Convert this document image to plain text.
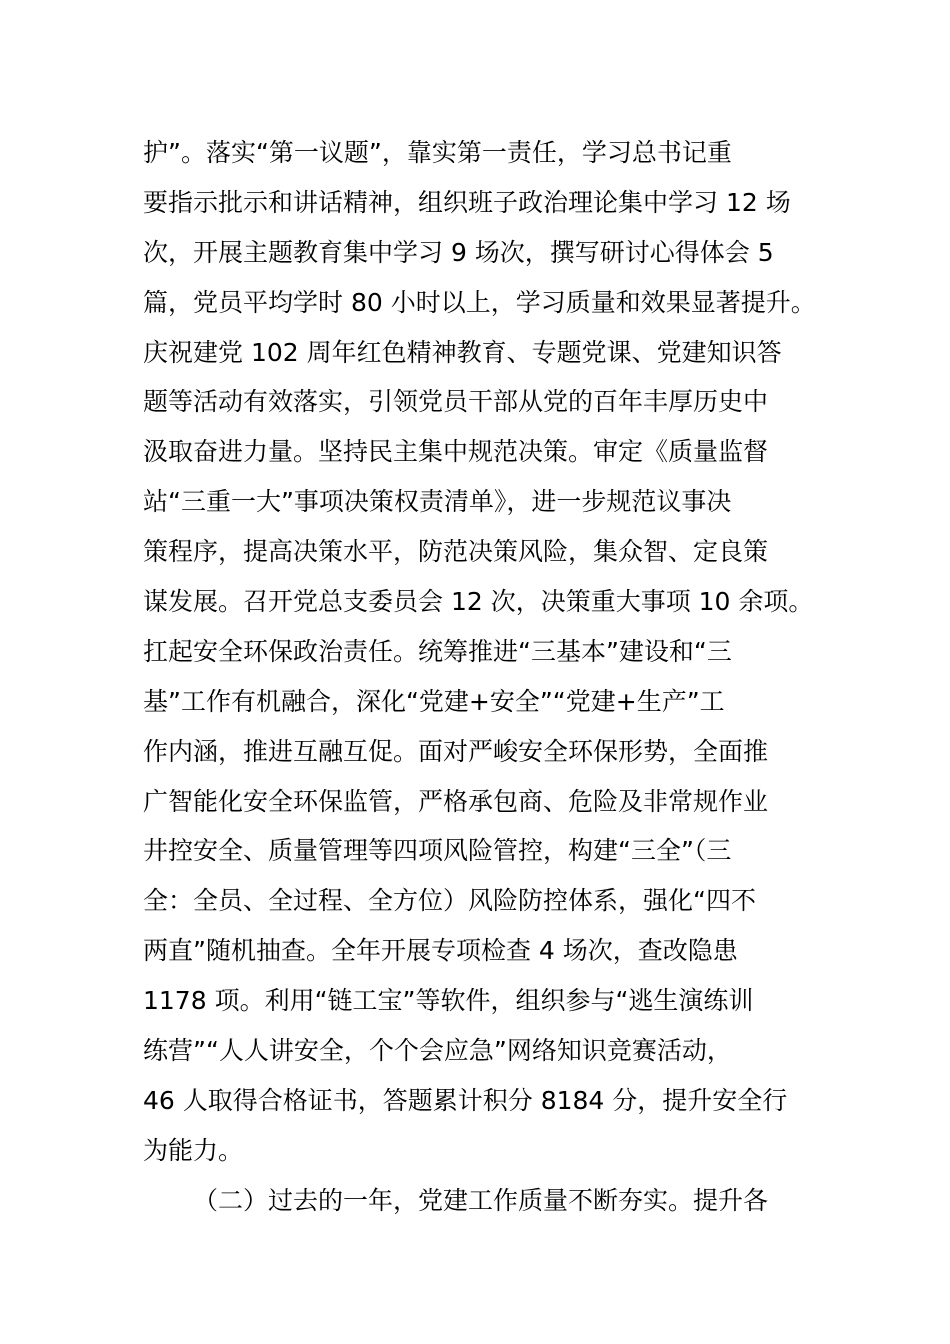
护”。落实“第一议题”，靠实第一责任，学习总书记重
要指示批示和讲话精神，组织班子政治理论集中学习 12 场
次，开展主题教育集中学习 9 场次，撰写研讨心得体会 5
篇，党员平均学时 80 小时以上，学习质量和效果显著提升。
庆祝建党 102 周年红色精神教育、专题党课、党建知识答
题等活动有效落实，引领党员干部从党的百年丰厚历史中
汲取奋进力量。坚持民主集中规范决策。审定《质量监督
站“三重一大”事项决策权责清单》，进一步规范议事决
策程序，提高决策水平，防范决策风险，集众智、定良策
谋发展。召开党总支委员会 12 次，决策重大事项 10 余项。
扛起安全环保政治责任。统筹推进“三基本”建设和“三
基”工作有机融合，深化“党建+安全”“党建+生产”工
作内涵，推进互融互促。面对严峻安全环保形势，全面推
广智能化安全环保监管，严格承包商、危险及非常规作业
井控安全、质量管理等四项风险管控，构建“三全”（三
全：全员、全过程、全方位）风险防控体系，强化“四不
两直”随机抽查。全年开展专项检查 4 场次，查改隐患
1178 项。利用“链工宝”等软件，组织参与“逃生演练训
练营”“人人讲安全，个个会应急”网络知识竞赛活动，
46 人取得合格证书，答题累计积分 8184 分，提升安全行
为能力。
（二）过去的一年，党建工作质量不断夯实。提升各
